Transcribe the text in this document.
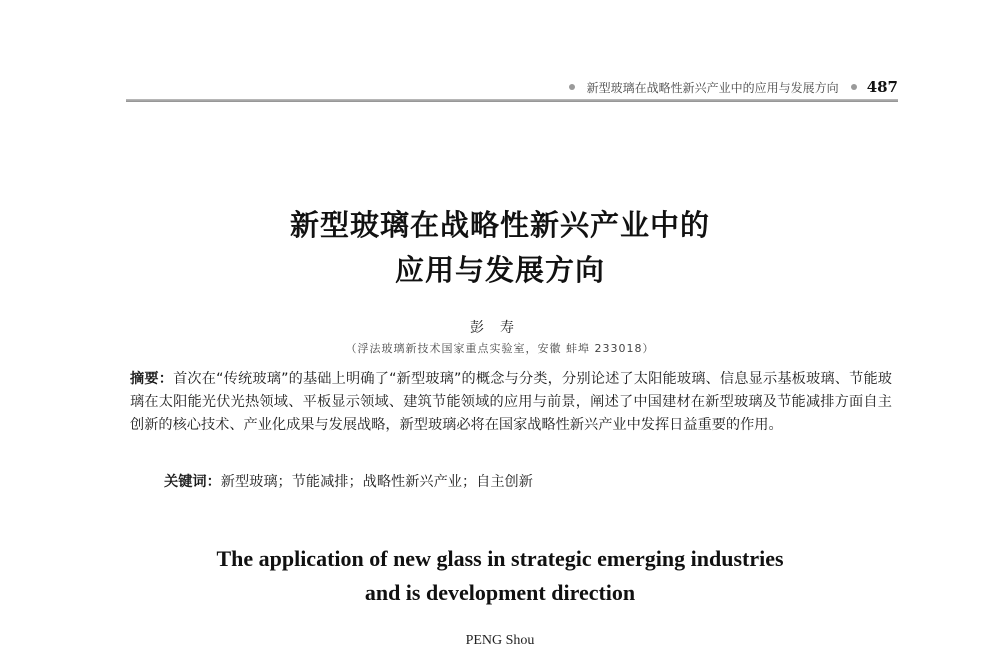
新型玻璃在战略性新兴产业中的应用与发展方向 487
新型玻璃在战略性新兴产业中的
应用与发展方向
彭寿
（浮法玻璃新技术国家重点实验室，安徽 蚌埠 233018）

摘要：首次在“传统玻璃”的基础上明确了“新型玻璃”的概念与分类，分别论述了太阳能玻璃、信息显示基板玻璃、节能玻璃在太阳能光伏光热领域、平板显示领域、建筑节能领域的应用与前景，阐述了中国建材在新型玻璃及节能减排方面自主创新的核心技术、产业化成果与发展战略，新型玻璃必将在国家战略性新兴产业中发挥日益重要的作用。

关键词：新型玻璃；节能减排；战略性新兴产业；自主创新

The application of new glass in strategic emerging industries
and is development direction
PENG Shou
